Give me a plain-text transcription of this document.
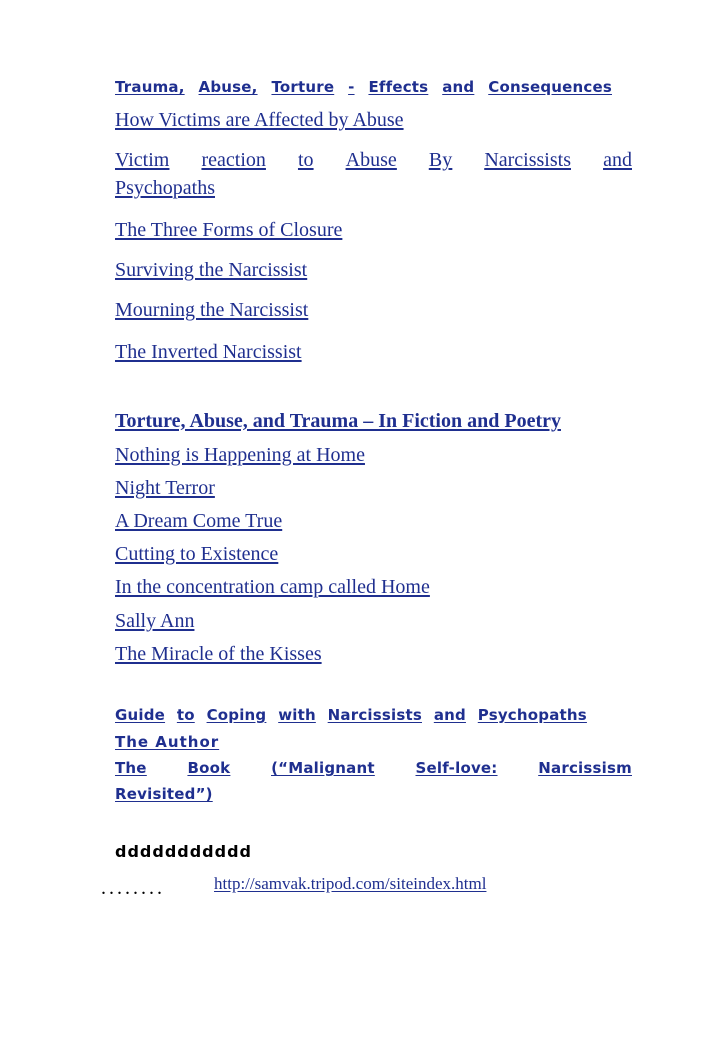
Trauma, Abuse, Torture - Effects and Consequences
How Victims are Affected by Abuse
Victim reaction to Abuse By Narcissists and
Psychopaths
The Three Forms of Closure
Surviving the Narcissist
Mourning the Narcissist
The Inverted Narcissist
Torture, Abuse, and Trauma – In Fiction and Poetry
Nothing is Happening at Home
Night Terror
A Dream Come True
Cutting to Existence
In the concentration camp called Home
Sally Ann
The Miracle of the Kisses
Guide to Coping with Narcissists and Psychopaths
The Author
The	Book	(“Malignant	Self-love:	Narcissism
Revisited”)
ddddddddddd
........	http://samvak.tripod.com/siteindex.html
